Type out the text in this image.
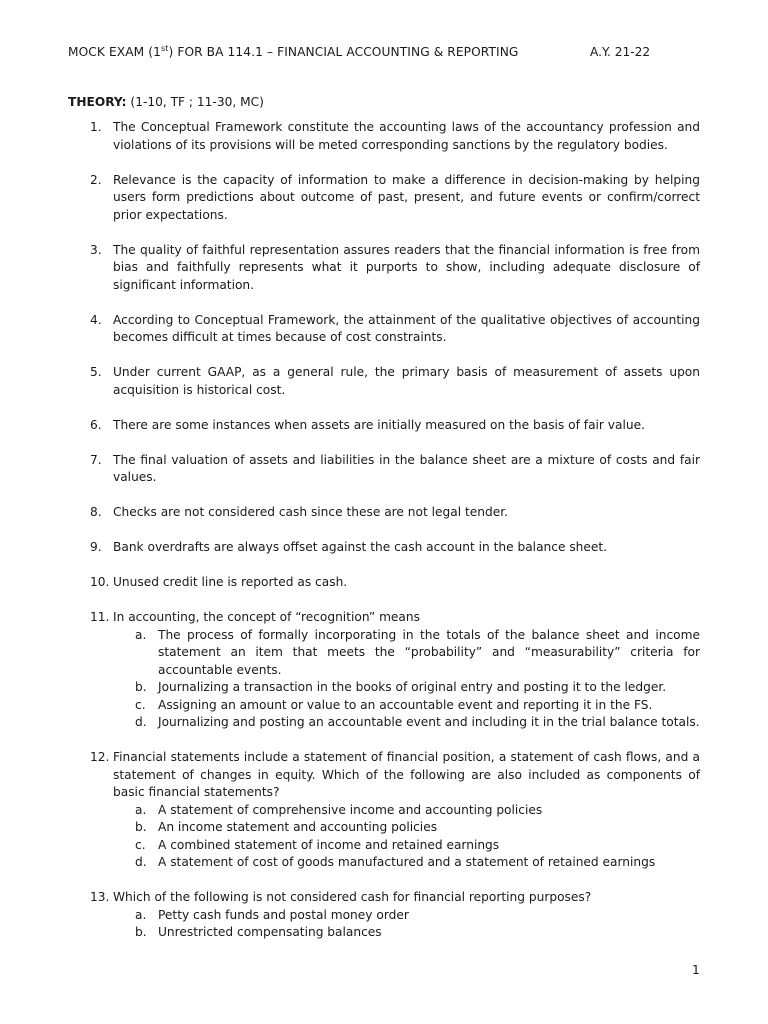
MOCK EXAM (1st) FOR BA 114.1 – FINANCIAL ACCOUNTING & REPORTING	A.Y. 21-22
THEORY: (1-10, TF ; 11-30, MC)
1. The Conceptual Framework constitute the accounting laws of the accountancy profession and violations of its provisions will be meted corresponding sanctions by the regulatory bodies.
2. Relevance is the capacity of information to make a difference in decision-making by helping users form predictions about outcome of past, present, and future events or confirm/correct prior expectations.
3. The quality of faithful representation assures readers that the financial information is free from bias and faithfully represents what it purports to show, including adequate disclosure of significant information.
4. According to Conceptual Framework, the attainment of the qualitative objectives of accounting becomes difficult at times because of cost constraints.
5. Under current GAAP, as a general rule, the primary basis of measurement of assets upon acquisition is historical cost.
6. There are some instances when assets are initially measured on the basis of fair value.
7. The final valuation of assets and liabilities in the balance sheet are a mixture of costs and fair values.
8. Checks are not considered cash since these are not legal tender.
9. Bank overdrafts are always offset against the cash account in the balance sheet.
10. Unused credit line is reported as cash.
11. In accounting, the concept of “recognition” means
a. The process of formally incorporating in the totals of the balance sheet and income statement an item that meets the “probability” and “measurability” criteria for accountable events.
b. Journalizing a transaction in the books of original entry and posting it to the ledger.
c. Assigning an amount or value to an accountable event and reporting it in the FS.
d. Journalizing and posting an accountable event and including it in the trial balance totals.
12. Financial statements include a statement of financial position, a statement of cash flows, and a statement of changes in equity. Which of the following are also included as components of basic financial statements?
a. A statement of comprehensive income and accounting policies
b. An income statement and accounting policies
c. A combined statement of income and retained earnings
d. A statement of cost of goods manufactured and a statement of retained earnings
13. Which of the following is not considered cash for financial reporting purposes?
a. Petty cash funds and postal money order
b. Unrestricted compensating balances
1
